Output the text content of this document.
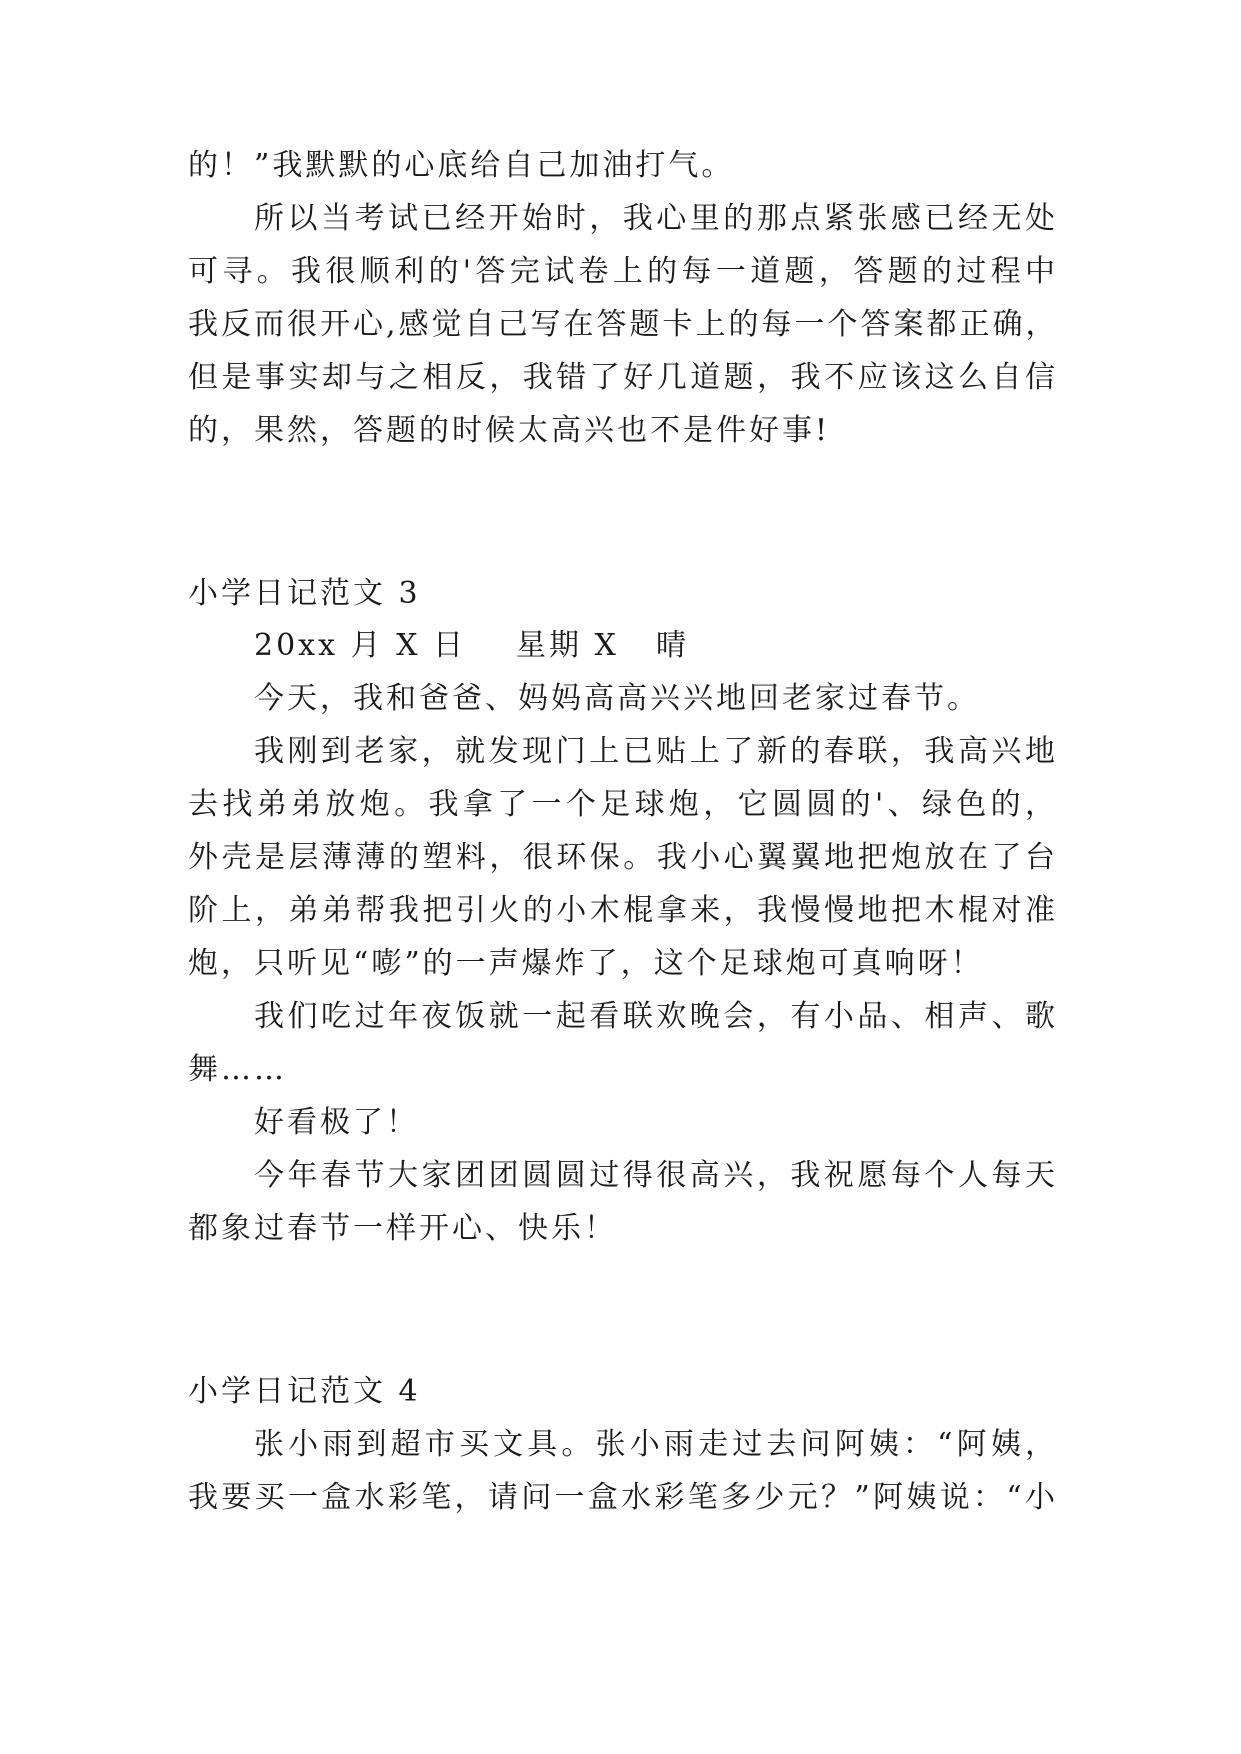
的！”我默默的心底给自己加油打气。
所以当考试已经开始时，我心里的那点紧张感已经无处
可寻。我很顺利的'答完试卷上的每一道题，答题的过程中
我反而很开心,感觉自己写在答题卡上的每一个答案都正确，
但是事实却与之相反，我错了好几道题，我不应该这么自信
的，果然，答题的时候太高兴也不是件好事!
小学日记范文 3
20xx 月 X 日 星期 X 晴
今天，我和爸爸、妈妈高高兴兴地回老家过春节。
我刚到老家，就发现门上已贴上了新的春联，我高兴地
去找弟弟放炮。我拿了一个足球炮，它圆圆的'、绿色的，
外壳是层薄薄的塑料，很环保。我小心翼翼地把炮放在了台
阶上，弟弟帮我把引火的小木棍拿来，我慢慢地把木棍对准
炮，只听见“嘭”的一声爆炸了，这个足球炮可真响呀！
我们吃过年夜饭就一起看联欢晚会，有小品、相声、歌
舞……
好看极了！
今年春节大家团团圆圆过得很高兴，我祝愿每个人每天
都象过春节一样开心、快乐！
小学日记范文 4
张小雨到超市买文具。张小雨走过去问阿姨：“阿姨，
我要买一盒水彩笔，请问一盒水彩笔多少元？”阿姨说：“小
